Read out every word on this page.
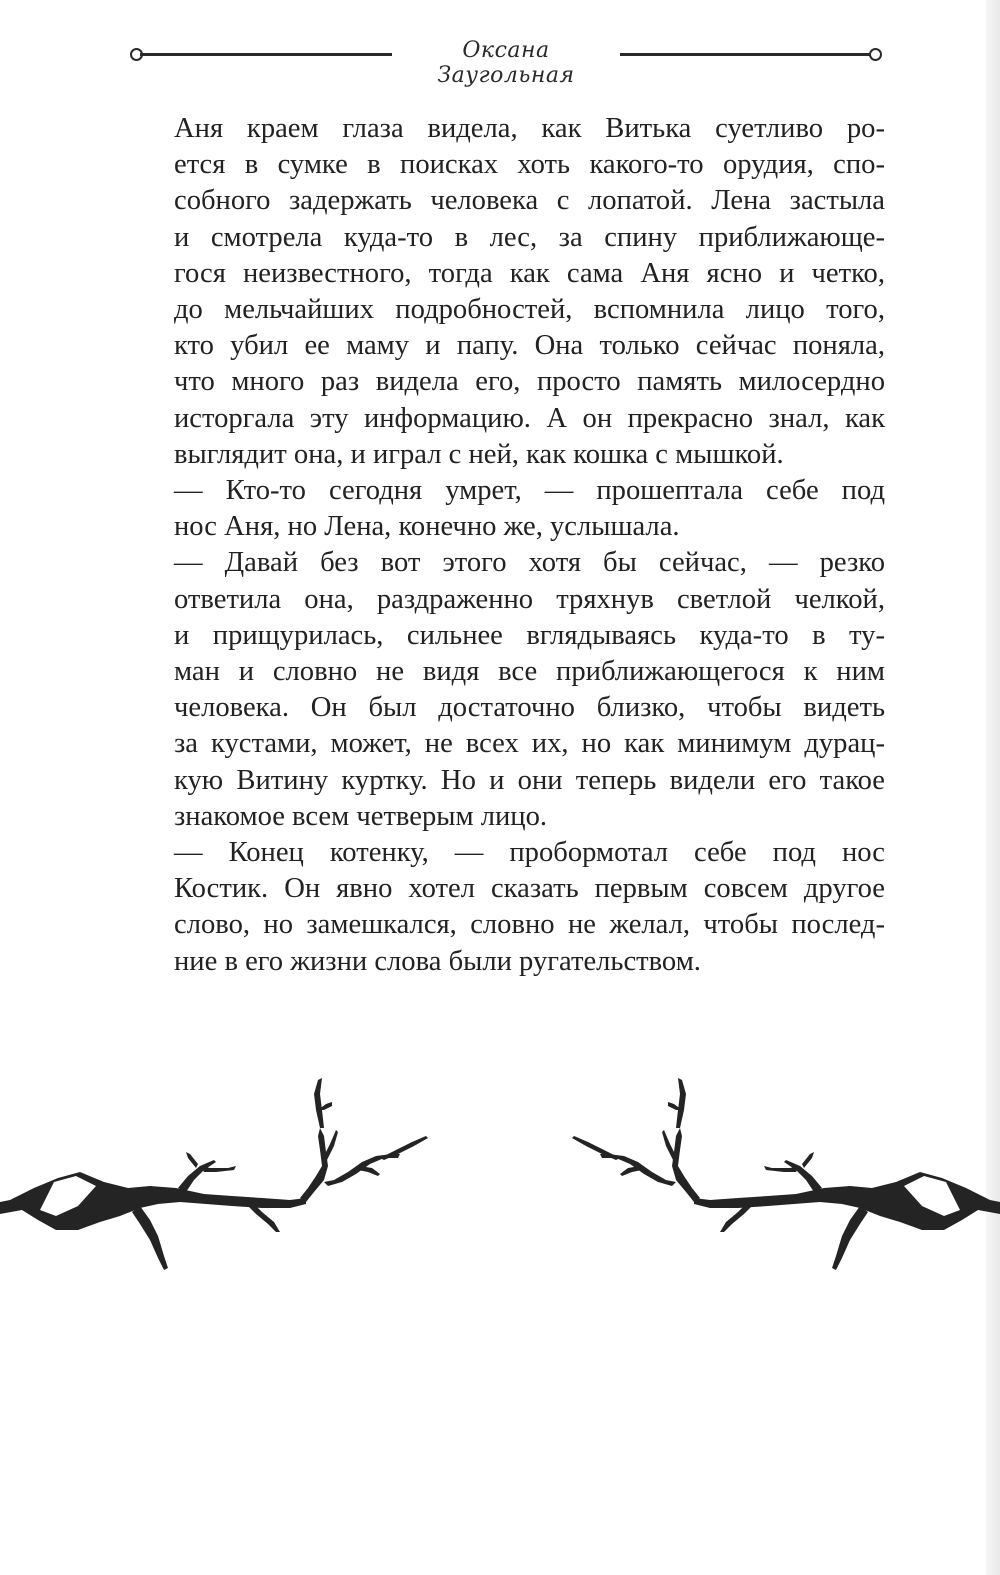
Оксана Заугольная

Аня краем глаза видела, как Витька суетливо ро-
ется в сумке в поисках хоть какого-то орудия, спо-
собного задержать человека с лопатой. Лена застыла
и смотрела куда-то в лес, за спину приближающе-
гося неизвестного, тогда как сама Аня ясно и четко,
до мельчайших подробностей, вспомнила лицо того,
кто убил ее маму и папу. Она только сейчас поняла,
что много раз видела его, просто память милосердно
исторгала эту информацию. А он прекрасно знал, как
выглядит она, и играл с ней, как кошка с мышкой.

— Кто-то сегодня умрет, — прошептала себе под
нос Аня, но Лена, конечно же, услышала.

— Давай без вот этого хотя бы сейчас, — резко
ответила она, раздраженно тряхнув светлой челкой,
и прищурилась, сильнее вглядываясь куда-то в ту-
ман и словно не видя все приближающегося к ним
человека. Он был достаточно близко, чтобы видеть
за кустами, может, не всех их, но как минимум дурац-
кую Витину куртку. Но и они теперь видели его такое
знакомое всем четверым лицо.

— Конец котенку, — пробормотал себе под нос
Костик. Он явно хотел сказать первым совсем другое
слово, но замешкался, словно не желал, чтобы послед-
ние в его жизни слова были ругательством.
